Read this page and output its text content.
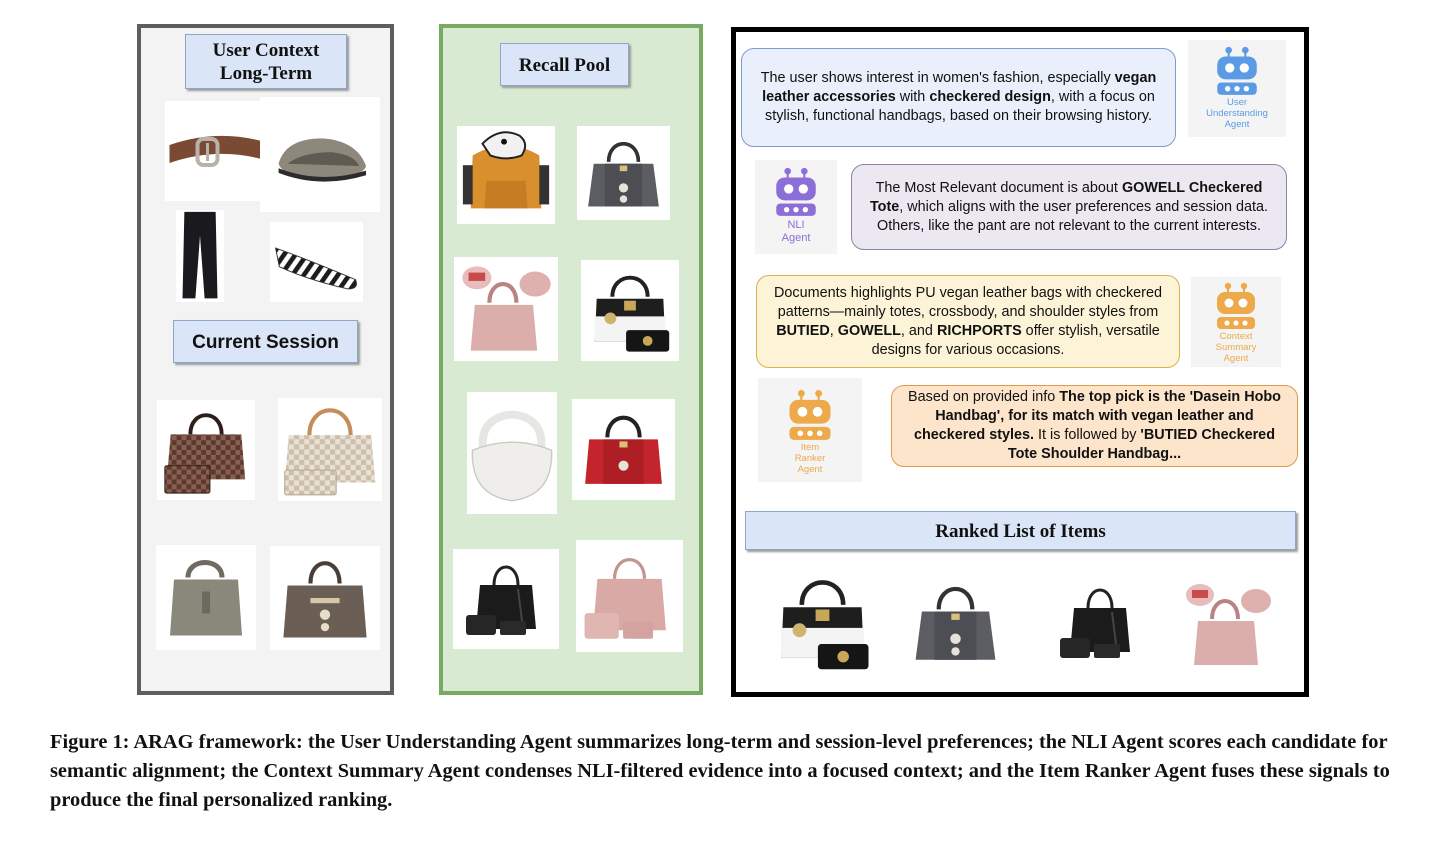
User Context
Long-Term
Current Session
Recall Pool
The user shows interest in women's fashion, especially vegan leather accessories with checkered design, with a focus on stylish, functional handbags, based on their browsing history.
User
Understanding
Agent
NLI
Agent
The Most Relevant document is about GOWELL Checkered Tote, which aligns with the user preferences and session data. Others, like the pant are not relevant to the current interests.
Documents highlights PU vegan leather bags with checkered patterns—mainly totes, crossbody, and shoulder styles from BUTIED, GOWELL, and RICHPORTS offer stylish, versatile designs for various occasions.
Context
Summary
Agent
Item
Ranker
Agent
Based on provided info The top pick is the 'Dasein Hobo Handbag', for its match with vegan leather and checkered styles. It is followed by 'BUTIED Checkered Tote Shoulder Handbag...
Ranked List of Items
Figure 1: ARAG framework: the User Understanding Agent summarizes long-term and session-level preferences; the NLI Agent scores each candidate for semantic alignment; the Context Summary Agent condenses NLI-filtered evidence into a focused context; and the Item Ranker Agent fuses these signals to produce the final personalized ranking.
